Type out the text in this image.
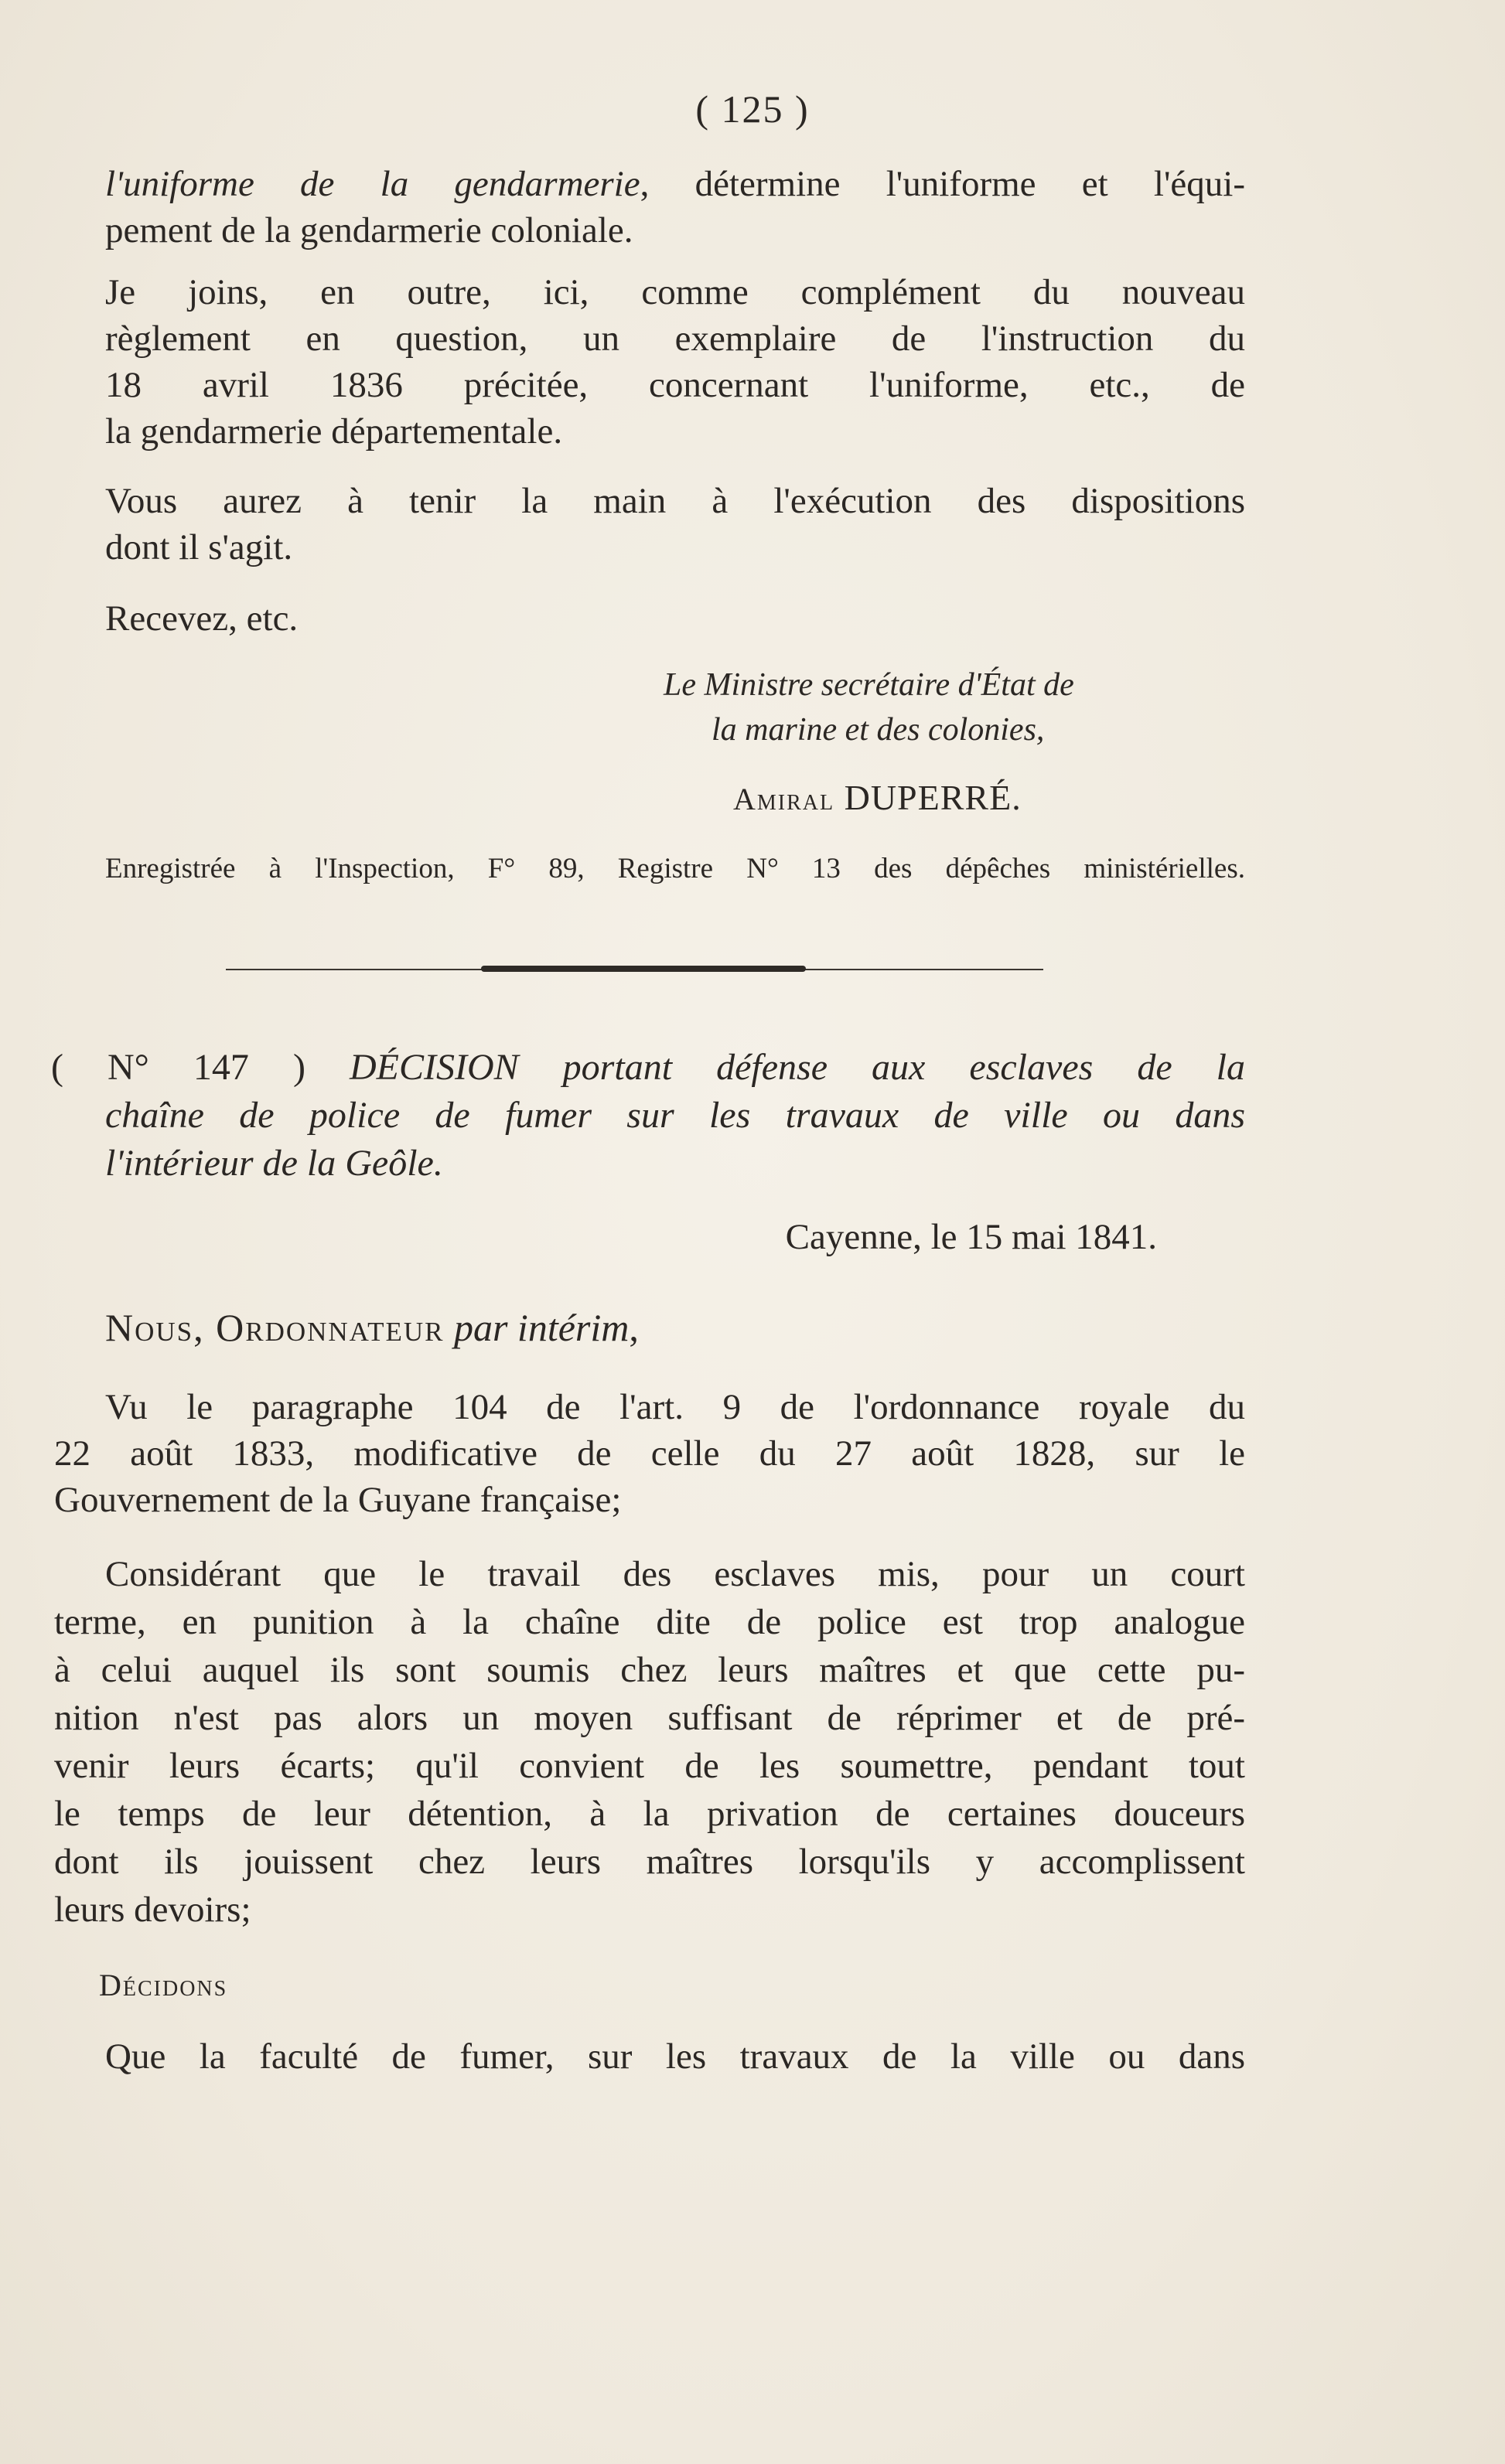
( 125 )
l'uniforme de la gendarmerie, détermine l'uniforme et l'équi-
pement de la gendarmerie coloniale.
Je joins, en outre, ici, comme complément du nouveau
règlement en question, un exemplaire de l'instruction du
18 avril 1836 précitée, concernant l'uniforme, etc., de
la gendarmerie départementale.
Vous aurez à tenir la main à l'exécution des dispositions
dont il s'agit.
Recevez, etc.
Le Ministre secrétaire d'État de
la marine et des colonies,
Amiral DUPERRÉ.
Enregistrée à l'Inspection, F° 89, Registre N° 13 des dépêches ministérielles.
( N° 147 ) DÉCISION portant défense aux esclaves de la
chaîne de police de fumer sur les travaux de ville ou dans
l'intérieur de la Geôle.
Cayenne, le 15 mai 1841.
Nous, Ordonnateur par intérim,
Vu le paragraphe 104 de l'art. 9 de l'ordonnance royale du
22 août 1833, modificative de celle du 27 août 1828, sur le
Gouvernement de la Guyane française;
Considérant que le travail des esclaves mis, pour un court
terme, en punition à la chaîne dite de police est trop analogue
à celui auquel ils sont soumis chez leurs maîtres et que cette pu-
nition n'est pas alors un moyen suffisant de réprimer et de pré-
venir leurs écarts; qu'il convient de les soumettre, pendant tout
le temps de leur détention, à la privation de certaines douceurs
dont ils jouissent chez leurs maîtres lorsqu'ils y accomplissent
leurs devoirs;
Décidons
Que la faculté de fumer, sur les travaux de la ville ou dans
